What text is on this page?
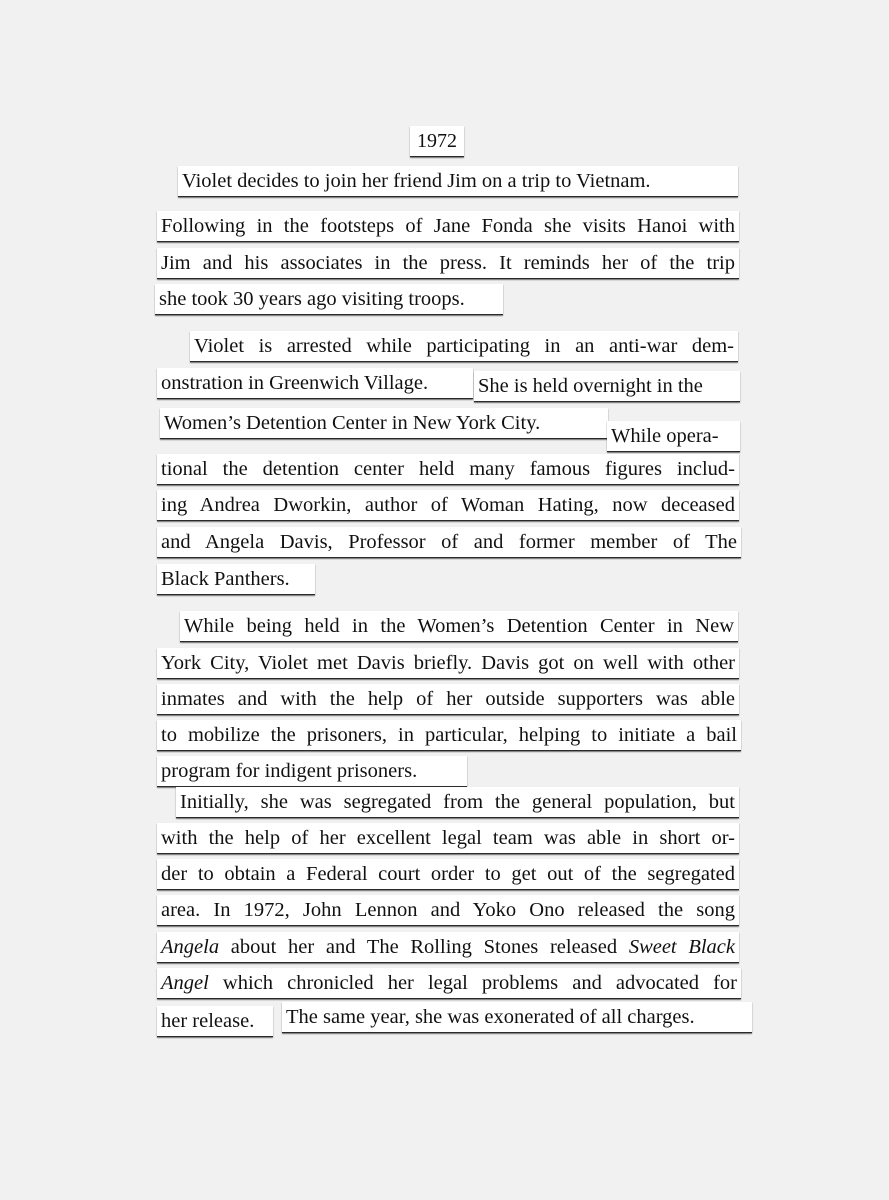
1972
Violet decides to join her friend Jim on a trip to Vietnam.
Following in the footsteps of Jane Fonda she visits Hanoi with
Jim and his associates in the press. It reminds her of the trip
she took 30 years ago visiting troops.
Violet is arrested while participating in an anti-war dem-
onstration in Greenwich Village.	She is held overnight in the
Women’s Detention Center in New York City.
While opera-
tional the detention center held many famous figures includ-
ing Andrea Dworkin, author of Woman Hating, now deceased
and Angela Davis, Professor of and former member of The
Black Panthers.
While being held in the Women’s Detention Center in New
York City, Violet met Davis briefly. Davis got on well with other
inmates and with the help of her outside supporters was able
to mobilize the prisoners, in particular, helping to initiate a bail
program for indigent prisoners.
Initially, she was segregated from the general population, but
with the help of her excellent legal team was able in short or-
der to obtain a Federal court order to get out of the segregated
area. In 1972, John Lennon and Yoko Ono released the song
Angela about her and The Rolling Stones released Sweet Black
Angel which chronicled her legal problems and advocated for
her release.	The same year, she was exonerated of all charges.
